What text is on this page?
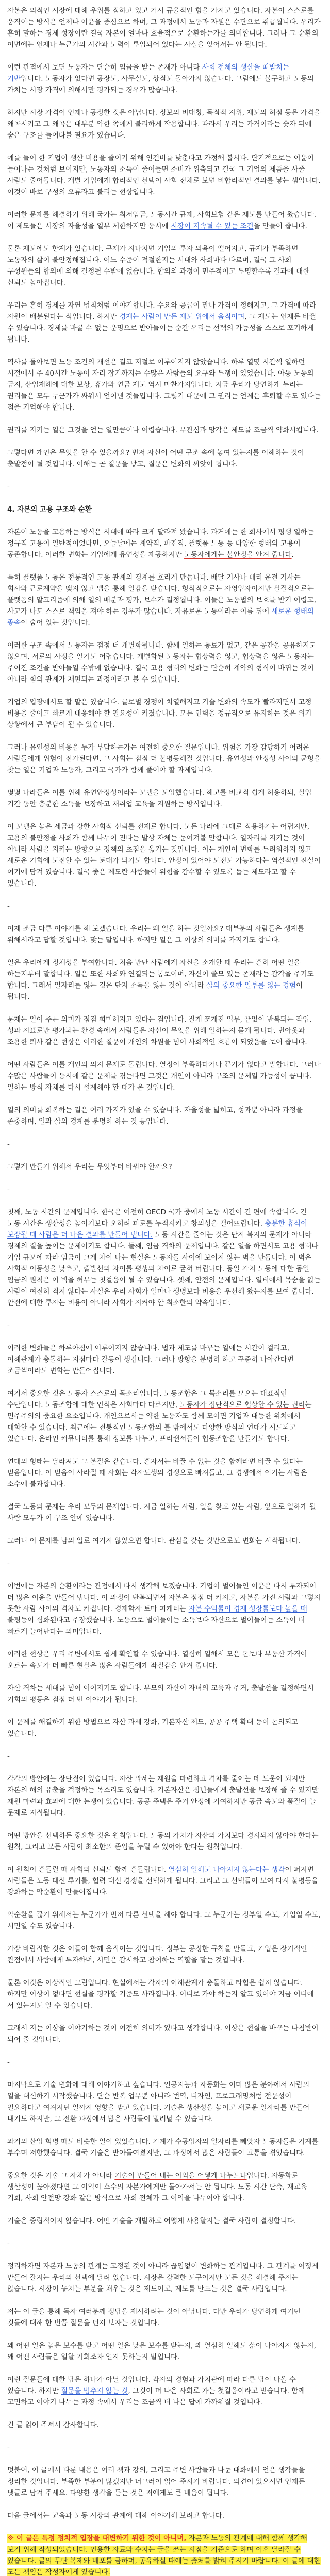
자본은 외적인 시장에 대해 우위를 점하고 있고 거시 규율적인 힘을 가지고 있습니다. 자본이 스스로를 움직이는 방식은 언제나 이윤을 중심으로 하며, 그 과정에서 노동과 자원은 수단으로 취급됩니다. 우리가 흔히 말하는 경제 성장이란 결국 자본이 얼마나 효율적으로 순환하는가를 의미합니다. 그러나 그 순환의 이면에는 언제나 누군가의 시간과 노력이 투입되어 있다는 사실을 잊어서는 안 됩니다.

이런 관점에서 보면 노동자는 단순히 임금을 받는 존재가 아니라 사회 전체의 생산을 떠받치는 기반입니다. 노동자가 없다면 공장도, 사무실도, 상점도 돌아가지 않습니다. 그럼에도 불구하고 노동의 가치는 시장 가격에 의해서만 평가되는 경우가 많습니다.

하지만 시장 가격이 언제나 공정한 것은 아닙니다. 정보의 비대칭, 독점적 지위, 제도의 허점 등은 가격을 왜곡시키고 그 왜곡은 대부분 약한 쪽에게 불리하게 작용합니다. 따라서 우리는 가격이라는 숫자 뒤에 숨은 구조를 들여다볼 필요가 있습니다.

예를 들어 한 기업이 생산 비용을 줄이기 위해 인건비를 낮춘다고 가정해 봅시다. 단기적으로는 이윤이 늘어나는 것처럼 보이지만, 노동자의 소득이 줄어들면 소비가 위축되고 결국 그 기업의 제품을 사줄 사람도 줄어듭니다. 개별 기업에게 합리적인 선택이 사회 전체로 보면 비합리적인 결과를 낳는 셈입니다. 이것이 바로 구성의 오류라고 불리는 현상입니다.

이러한 문제를 해결하기 위해 국가는 최저임금, 노동시간 규제, 사회보험 같은 제도를 만들어 왔습니다. 이 제도들은 시장의 자율성을 일부 제한하지만 동시에 시장이 지속될 수 있는 조건을 만들어 줍니다.

물론 제도에도 한계가 있습니다. 규제가 지나치면 기업의 투자 의욕이 떨어지고, 규제가 부족하면 노동자의 삶이 불안정해집니다. 어느 수준이 적절한지는 시대와 사회마다 다르며, 결국 그 사회 구성원들의 합의에 의해 결정될 수밖에 없습니다. 합의의 과정이 민주적이고 투명할수록 결과에 대한 신뢰도 높아집니다.

우리는 흔히 경제를 자연 법칙처럼 이야기합니다. 수요와 공급이 만나 가격이 정해지고, 그 가격에 따라 자원이 배분된다는 식입니다. 하지만 경제는 사람이 만든 제도 위에서 움직이며, 그 제도는 언제든 바뀔 수 있습니다. 경제를 바꿀 수 없는 운명으로 받아들이는 순간 우리는 선택의 가능성을 스스로 포기하게 됩니다.

역사를 돌아보면 노동 조건의 개선은 결코 저절로 이루어지지 않았습니다. 하루 열몇 시간씩 일하던 시절에서 주 40시간 노동이 자리 잡기까지는 수많은 사람들의 요구와 투쟁이 있었습니다. 아동 노동의 금지, 산업재해에 대한 보상, 휴가와 연금 제도 역시 마찬가지입니다. 지금 우리가 당연하게 누리는 권리들은 모두 누군가가 싸워서 얻어낸 것들입니다. 그렇기 때문에 그 권리는 언제든 후퇴할 수도 있다는 점을 기억해야 합니다.

권리를 지키는 일은 그것을 얻는 일만큼이나 어렵습니다. 무관심과 망각은 제도를 조금씩 약화시킵니다.

그렇다면 개인은 무엇을 할 수 있을까요? 먼저 자신이 어떤 구조 속에 놓여 있는지를 이해하는 것이 출발점이 될 것입니다. 이해는 곧 질문을 낳고, 질문은 변화의 씨앗이 됩니다.

-

4. 자본의 고용 구조와 순환

자본이 노동을 고용하는 방식은 시대에 따라 크게 달라져 왔습니다. 과거에는 한 회사에서 평생 일하는 정규직 고용이 일반적이었다면, 오늘날에는 계약직, 파견직, 플랫폼 노동 등 다양한 형태의 고용이 공존합니다. 이러한 변화는 기업에게 유연성을 제공하지만 노동자에게는 불안정을 안겨 줍니다.

특히 플랫폼 노동은 전통적인 고용 관계의 경계를 흐리게 만듭니다. 배달 기사나 대리 운전 기사는 회사와 근로계약을 맺지 않고 앱을 통해 일감을 받습니다. 형식적으로는 자영업자이지만 실질적으로는 플랫폼의 알고리즘에 의해 일의 배분과 평가, 보수가 결정됩니다. 이들은 노동법의 보호를 받기 어렵고, 사고가 나도 스스로 책임을 져야 하는 경우가 많습니다. 자유로운 노동이라는 이름 뒤에 새로운 형태의 종속이 숨어 있는 것입니다.

이러한 구조 속에서 노동자는 점점 더 개별화됩니다. 함께 일하는 동료가 없고, 같은 공간을 공유하지도 않으며, 서로의 사정을 알기도 어렵습니다. 개별화된 노동자는 협상력을 잃고, 협상력을 잃은 노동자는 주어진 조건을 받아들일 수밖에 없습니다. 결국 고용 형태의 변화는 단순히 계약의 형식이 바뀌는 것이 아니라 힘의 관계가 재편되는 과정이라고 볼 수 있습니다.

기업의 입장에서도 할 말은 있습니다. 글로벌 경쟁이 치열해지고 기술 변화의 속도가 빨라지면서 고정 비용을 줄이고 빠르게 대응해야 할 필요성이 커졌습니다. 모든 인력을 정규직으로 유지하는 것은 위기 상황에서 큰 부담이 될 수 있습니다.

그러나 유연성의 비용을 누가 부담하는가는 여전히 중요한 질문입니다. 위험을 가장 감당하기 어려운 사람들에게 위험이 전가된다면, 그 사회는 점점 더 불평등해질 것입니다. 유연성과 안정성 사이의 균형을 찾는 일은 기업과 노동자, 그리고 국가가 함께 풀어야 할 과제입니다.

몇몇 나라들은 이를 위해 유연안정성이라는 모델을 도입했습니다. 해고를 비교적 쉽게 허용하되, 실업 기간 동안 충분한 소득을 보장하고 재취업 교육을 지원하는 방식입니다.

이 모델은 높은 세금과 강한 사회적 신뢰를 전제로 합니다. 모든 나라에 그대로 적용하기는 어렵지만, 고용의 불안정을 사회가 함께 나누어 진다는 발상 자체는 눈여겨볼 만합니다. 일자리를 지키는 것이 아니라 사람을 지키는 방향으로 정책의 초점을 옮기는 것입니다. 이는 개인이 변화를 두려워하지 않고 새로운 기회에 도전할 수 있는 토대가 되기도 합니다. 안정이 있어야 도전도 가능하다는 역설적인 진실이 여기에 담겨 있습니다. 결국 좋은 제도란 사람들이 위험을 감수할 수 있도록 돕는 제도라고 할 수 있습니다.

-

이제 조금 다른 이야기를 해 보겠습니다. 우리는 왜 일을 하는 것일까요? 대부분의 사람들은 생계를 위해서라고 답할 것입니다. 맞는 말입니다. 하지만 일은 그 이상의 의미를 가지기도 합니다.

일은 우리에게 정체성을 부여합니다. 처음 만난 사람에게 자신을 소개할 때 우리는 흔히 어떤 일을 하는지부터 말합니다. 일은 또한 사회와 연결되는 통로이며, 자신이 쓸모 있는 존재라는 감각을 주기도 합니다. 그래서 일자리를 잃는 것은 단지 소득을 잃는 것이 아니라 삶의 중요한 일부를 잃는 경험이 됩니다.

문제는 일이 주는 의미가 점점 희미해지고 있다는 점입니다. 잘게 쪼개진 업무, 끝없이 반복되는 작업, 성과 지표로만 평가되는 환경 속에서 사람들은 자신이 무엇을 위해 일하는지 묻게 됩니다. 번아웃과 조용한 퇴사 같은 현상은 이러한 질문이 개인의 차원을 넘어 사회적인 흐름이 되었음을 보여 줍니다.

어떤 사람들은 이를 개인의 의지 문제로 돌립니다. 열정이 부족하다거나 끈기가 없다고 말합니다. 그러나 수많은 사람들이 동시에 같은 문제를 겪는다면 그것은 개인이 아니라 구조의 문제일 가능성이 큽니다. 일하는 방식 자체를 다시 설계해야 할 때가 온 것입니다.

일의 의미를 회복하는 길은 여러 가지가 있을 수 있습니다. 자율성을 넓히고, 성과뿐 아니라 과정을 존중하며, 일과 삶의 경계를 분명히 하는 것 등입니다.

-

그렇게 만들기 위해서 우리는 무엇부터 바꿔야 할까요?

-

첫째, 노동 시간의 문제입니다. 한국은 여전히 OECD 국가 중에서 노동 시간이 긴 편에 속합니다. 긴 노동 시간은 생산성을 높이기보다 오히려 피로를 누적시키고 창의성을 떨어뜨립니다. 충분한 휴식이 보장될 때 사람은 더 나은 결과를 만들어 냅니다. 노동 시간을 줄이는 것은 단지 복지의 문제가 아니라 경제의 질을 높이는 문제이기도 합니다. 둘째, 임금 격차의 문제입니다. 같은 일을 하면서도 고용 형태나 기업 규모에 따라 임금이 크게 차이 나는 현실은 노동자들 사이에 보이지 않는 벽을 만듭니다. 이 벽은 사회적 이동성을 낮추고, 출발선의 차이를 평생의 차이로 굳혀 버립니다. 동일 가치 노동에 대한 동일 임금의 원칙은 이 벽을 허무는 첫걸음이 될 수 있습니다. 셋째, 안전의 문제입니다. 일터에서 목숨을 잃는 사람이 여전히 적지 않다는 사실은 우리 사회가 얼마나 생명보다 비용을 우선해 왔는지를 보여 줍니다. 안전에 대한 투자는 비용이 아니라 사회가 지켜야 할 최소한의 약속입니다.

-

이러한 변화들은 하루아침에 이루어지지 않습니다. 법과 제도를 바꾸는 일에는 시간이 걸리고, 이해관계가 충돌하는 지점마다 갈등이 생깁니다. 그러나 방향을 분명히 하고 꾸준히 나아간다면 조금씩이라도 변화는 만들어집니다.

여기서 중요한 것은 노동자 스스로의 목소리입니다. 노동조합은 그 목소리를 모으는 대표적인 수단입니다. 노동조합에 대한 인식은 사회마다 다르지만, 노동자가 집단적으로 협상할 수 있는 권리는 민주주의의 중요한 요소입니다. 개인으로서는 약한 노동자도 함께 모이면 기업과 대등한 위치에서 대화할 수 있습니다. 최근에는 전통적인 노동조합의 틀 밖에서도 다양한 방식의 연대가 시도되고 있습니다. 온라인 커뮤니티를 통해 정보를 나누고, 프리랜서들이 협동조합을 만들기도 합니다.

연대의 형태는 달라져도 그 본질은 같습니다. 혼자서는 바꿀 수 없는 것을 함께라면 바꿀 수 있다는 믿음입니다. 이 믿음이 사라질 때 사회는 각자도생의 경쟁으로 빠져들고, 그 경쟁에서 이기는 사람은 소수에 불과합니다.

결국 노동의 문제는 우리 모두의 문제입니다. 지금 일하는 사람, 일을 찾고 있는 사람, 앞으로 일하게 될 사람 모두가 이 구조 안에 있습니다.

그러니 이 문제를 남의 일로 여기지 않았으면 합니다. 관심을 갖는 것만으로도 변화는 시작됩니다.

-

이번에는 자본의 순환이라는 관점에서 다시 생각해 보겠습니다. 기업이 벌어들인 이윤은 다시 투자되어 더 많은 이윤을 만들어 냅니다. 이 과정이 반복되면서 자본은 점점 더 커지고, 자본을 가진 사람과 그렇지 못한 사람 사이의 격차도 커집니다. 경제학자 토마 피케티는 자본 수익률이 경제 성장률보다 높을 때 불평등이 심화된다고 주장했습니다. 노동으로 벌어들이는 소득보다 자산으로 벌어들이는 소득이 더 빠르게 늘어난다는 의미입니다.

이러한 현상은 우리 주변에서도 쉽게 확인할 수 있습니다. 열심히 일해서 모은 돈보다 부동산 가격이 오르는 속도가 더 빠른 현실은 많은 사람들에게 좌절감을 안겨 줍니다.

자산 격차는 세대를 넘어 이어지기도 합니다. 부모의 자산이 자녀의 교육과 주거, 출발선을 결정하면서 기회의 평등은 점점 더 먼 이야기가 됩니다.

이 문제를 해결하기 위한 방법으로 자산 과세 강화, 기본자산 제도, 공공 주택 확대 등이 논의되고 있습니다.

-

각각의 방안에는 장단점이 있습니다. 자산 과세는 재원을 마련하고 격차를 줄이는 데 도움이 되지만 자본의 해외 유출을 걱정하는 목소리도 있습니다. 기본자산은 청년들에게 출발선을 보장해 줄 수 있지만 재원 마련과 효과에 대한 논쟁이 있습니다. 공공 주택은 주거 안정에 기여하지만 공급 속도와 품질이 늘 문제로 지적됩니다.

어떤 방안을 선택하든 중요한 것은 원칙입니다. 노동의 가치가 자산의 가치보다 경시되지 않아야 한다는 원칙, 그리고 모든 사람이 최소한의 존엄을 누릴 수 있어야 한다는 원칙입니다.

이 원칙이 흔들릴 때 사회의 신뢰도 함께 흔들립니다. 열심히 일해도 나아지지 않는다는 생각이 퍼지면 사람들은 노동 대신 투기를, 협력 대신 경쟁을 선택하게 됩니다. 그리고 그 선택들이 모여 다시 불평등을 강화하는 악순환이 만들어집니다.

악순환을 끊기 위해서는 누군가가 먼저 다른 선택을 해야 합니다. 그 누군가는 정부일 수도, 기업일 수도, 시민일 수도 있습니다.

가장 바람직한 것은 이들이 함께 움직이는 것입니다. 정부는 공정한 규칙을 만들고, 기업은 장기적인 관점에서 사람에게 투자하며, 시민은 감시하고 참여하는 역할을 맡는 것입니다.

물론 이것은 이상적인 그림입니다. 현실에서는 각자의 이해관계가 충돌하고 타협은 쉽지 않습니다. 하지만 이상이 없다면 현실을 평가할 기준도 사라집니다. 어디로 가야 하는지 알고 있어야 지금 어디에 서 있는지도 알 수 있습니다.

그래서 저는 이상을 이야기하는 것이 여전히 의미가 있다고 생각합니다. 이상은 현실을 바꾸는 나침반이 되어 줄 것입니다.

-

마지막으로 기술 변화에 대해 이야기하고 싶습니다. 인공지능과 자동화는 이미 많은 분야에서 사람의 일을 대신하기 시작했습니다. 단순 반복 업무뿐 아니라 번역, 디자인, 프로그래밍처럼 전문성이 필요하다고 여겨지던 일까지 영향을 받고 있습니다. 기술은 생산성을 높이고 새로운 일자리를 만들어 내기도 하지만, 그 전환 과정에서 많은 사람들이 밀려날 수 있습니다.

과거의 산업 혁명 때도 비슷한 일이 있었습니다. 기계가 수공업자의 일자리를 빼앗자 노동자들은 기계를 부수며 저항했습니다. 결국 기술은 받아들여졌지만, 그 과정에서 많은 사람들이 고통을 겪었습니다.

중요한 것은 기술 그 자체가 아니라 기술이 만들어 내는 이익을 어떻게 나누느냐입니다. 자동화로 생산성이 높아졌다면 그 이익이 소수의 자본가에게만 돌아가서는 안 됩니다. 노동 시간 단축, 재교육 기회, 사회 안전망 강화 같은 방식으로 사회 전체가 그 이익을 나누어야 합니다.

기술은 중립적이지 않습니다. 어떤 기술을 개발하고 어떻게 사용할지는 결국 사람이 결정합니다.

-

정리하자면 자본과 노동의 관계는 고정된 것이 아니라 끊임없이 변화하는 관계입니다. 그 관계를 어떻게 만들어 갈지는 우리의 선택에 달려 있습니다. 시장은 강력한 도구이지만 모든 것을 해결해 주지는 않습니다. 시장이 놓치는 부분을 채우는 것은 제도이고, 제도를 만드는 것은 결국 사람입니다.

저는 이 글을 통해 독자 여러분께 정답을 제시하려는 것이 아닙니다. 다만 우리가 당연하게 여기던 것들에 대해 한 번쯤 질문을 던져 보자는 것입니다.

왜 어떤 일은 높은 보수를 받고 어떤 일은 낮은 보수를 받는지, 왜 열심히 일해도 삶이 나아지지 않는지, 왜 어떤 사람들은 일할 기회조차 얻지 못하는지 말입니다.

이런 질문들에 대한 답은 하나가 아닐 것입니다. 각자의 경험과 가치관에 따라 다른 답이 나올 수 있습니다. 하지만 질문을 멈추지 않는 것, 그것이 더 나은 사회로 가는 첫걸음이라고 믿습니다. 함께 고민하고 이야기 나누는 과정 속에서 우리는 조금씩 더 나은 답에 가까워질 것입니다.

긴 글 읽어 주셔서 감사합니다.

-

덧붙여, 이 글에서 다룬 내용은 여러 책과 강의, 그리고 주변 사람들과 나눈 대화에서 얻은 생각들을 정리한 것입니다. 부족한 부분이 많겠지만 너그러이 읽어 주시기 바랍니다. 의견이 있으시면 언제든 댓글로 남겨 주세요. 다양한 생각을 듣는 것은 저에게도 큰 배움이 됩니다.

다음 글에서는 교육과 노동 시장의 관계에 대해 이야기해 보려고 합니다.

※ 이 글은 특정 정치적 입장을 대변하기 위한 것이 아니며, 자본과 노동의 관계에 대해 함께 생각해 보기 위해 작성되었습니다. 인용한 자료와 수치는 글을 쓰는 시점을 기준으로 하며 이후 달라질 수 있습니다. 글의 무단 복제와 배포를 금하며, 공유하실 때에는 출처를 밝혀 주시기 바랍니다. 이 글에 대한 모든 책임은 작성자에게 있습니다.
